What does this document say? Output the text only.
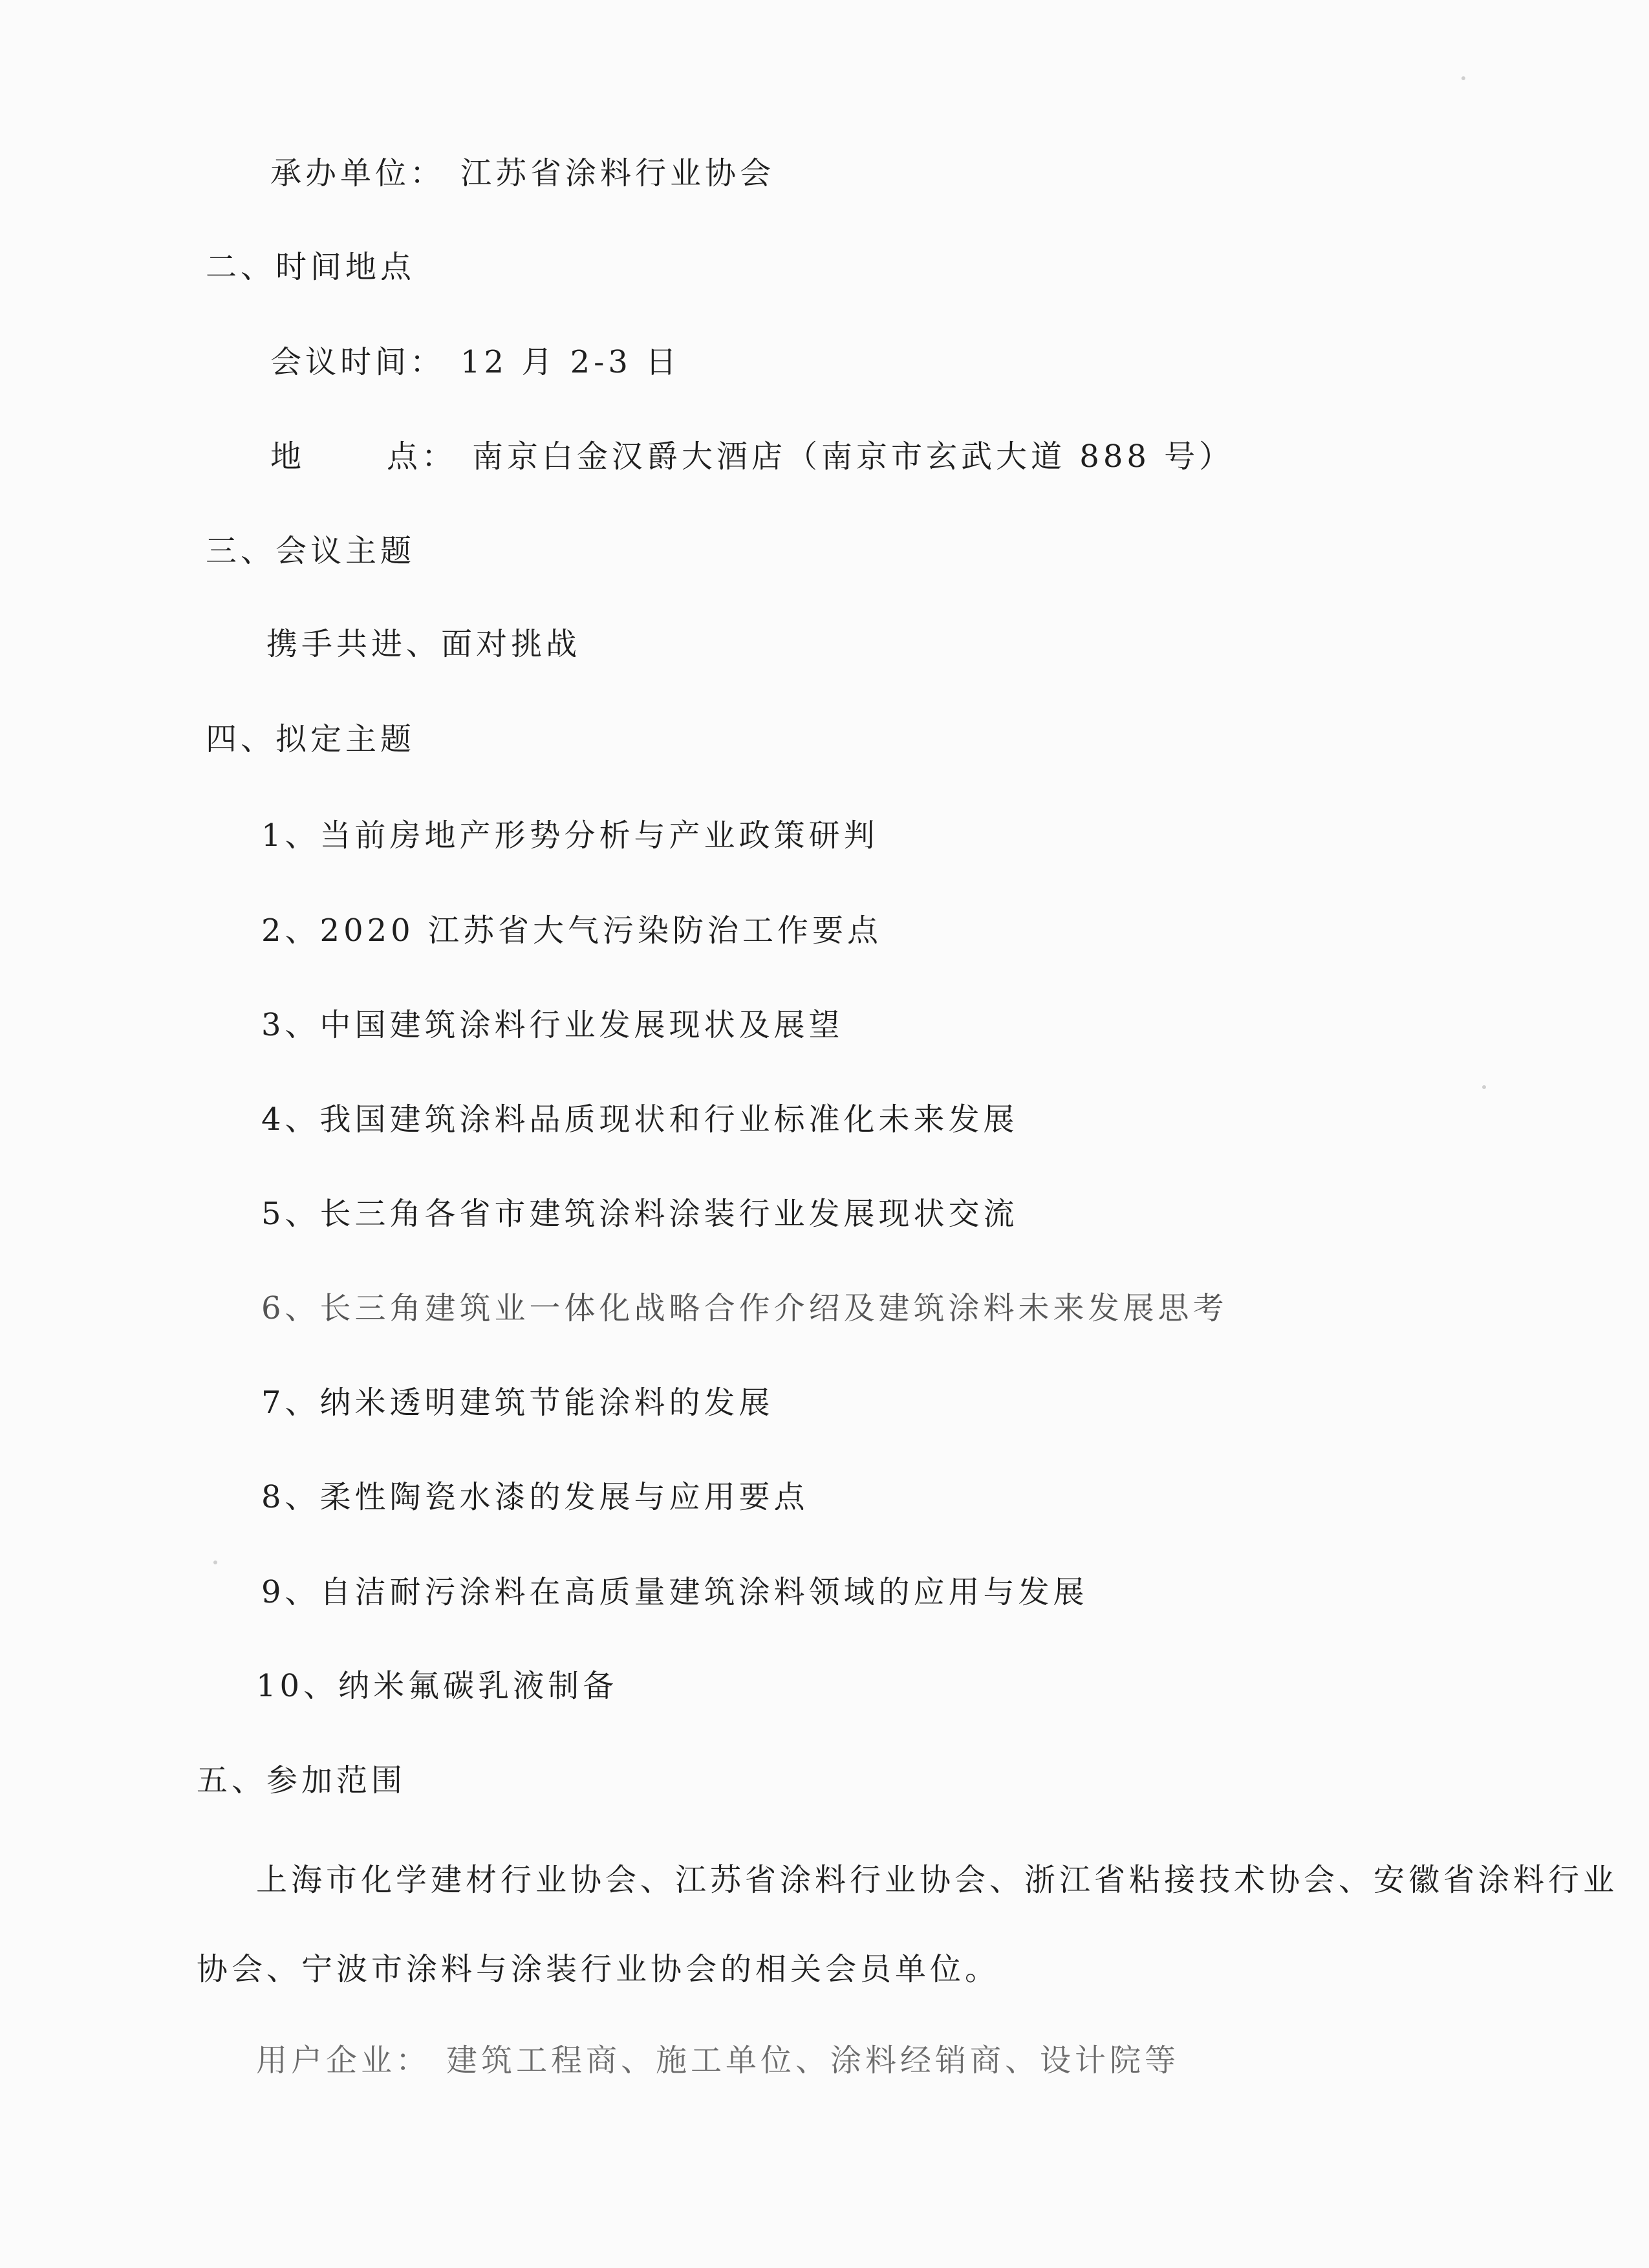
承办单位： 江苏省涂料行业协会
二、时间地点
会议时间： 12 月 2-3 日
地	点： 南京白金汉爵大酒店（南京市玄武大道 888 号）
三、会议主题
携手共进、面对挑战
四、拟定主题
1、当前房地产形势分析与产业政策研判
2、2020 江苏省大气污染防治工作要点
3、中国建筑涂料行业发展现状及展望
4、我国建筑涂料品质现状和行业标准化未来发展
5、长三角各省市建筑涂料涂装行业发展现状交流
6、长三角建筑业一体化战略合作介绍及建筑涂料未来发展思考
7、纳米透明建筑节能涂料的发展
8、柔性陶瓷水漆的发展与应用要点
9、自洁耐污涂料在高质量建筑涂料领域的应用与发展
10、纳米氟碳乳液制备
五、参加范围
上海市化学建材行业协会、江苏省涂料行业协会、浙江省粘接技术协会、安徽省涂料行业
协会、宁波市涂料与涂装行业协会的相关会员单位。
用户企业： 建筑工程商、施工单位、涂料经销商、设计院等
